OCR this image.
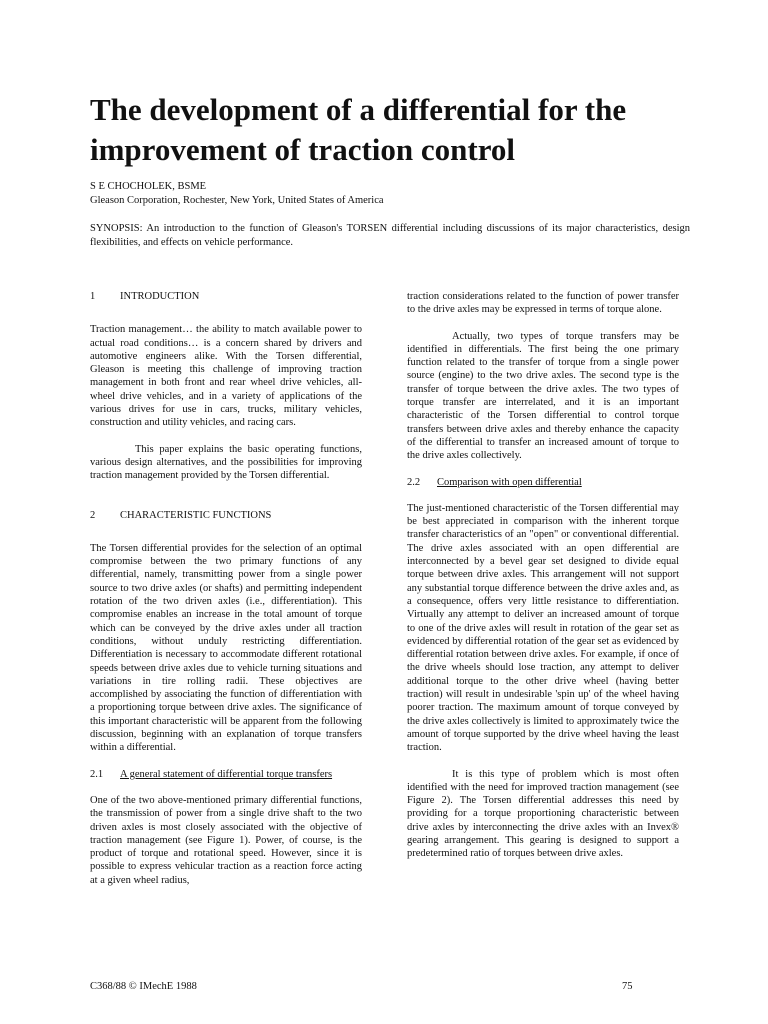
The development of a differential for the improvement of traction control
S E CHOCHOLEK, BSME
Gleason Corporation, Rochester, New York, United States of America
SYNOPSIS: An introduction to the function of Gleason's TORSEN differential including discussions of its major characteristics, design flexibilities, and effects on vehicle performance.
1	INTRODUCTION

Traction management… the ability to match available power to actual road conditions… is a concern shared by drivers and automotive engineers alike. With the Torsen differential, Gleason is meeting this challenge of improving traction management in both front and rear wheel drive vehicles, all-wheel drive vehicles, and in a variety of applications of the various drives for use in cars, trucks, military vehicles, construction and utility vehicles, and racing cars.

This paper explains the basic operating functions, various design alternatives, and the possibilities for improving traction management provided by the Torsen differential.

2	CHARACTERISTIC FUNCTIONS

The Torsen differential provides for the selection of an optimal compromise between the two primary functions of any differential, namely, transmitting power from a single power source to two drive axles (or shafts) and permitting independent rotation of the two driven axles (i.e., differentiation). This compromise enables an increase in the total amount of torque which can be conveyed by the drive axles under all traction conditions, without unduly restricting differentiation. Differentiation is necessary to accommodate different rotational speeds between drive axles due to vehicle turning situations and variations in tire rolling radii. These objectives are accomplished by associating the function of differentiation with a proportioning torque between drive axles. The significance of this important characteristic will be apparent from the following discussion, beginning with an explanation of torque transfers within a differential.

2.1	A general statement of differential torque transfers

One of the two above-mentioned primary differential functions, the transmission of power from a single drive shaft to the two driven axles is most closely associated with the objective of traction management (see Figure 1). Power, of course, is the product of torque and rotational speed. However, since it is possible to express vehicular traction as a reaction force acting at a given wheel radius,

traction considerations related to the function of power transfer to the drive axles may be expressed in terms of torque alone.

Actually, two types of torque transfers may be identified in differentials. The first being the one primary function related to the transfer of torque from a single power source (engine) to the two drive axles. The second type is the transfer of torque between the drive axles. The two types of torque transfer are interrelated, and it is an important characteristic of the Torsen differential to control torque transfers between drive axles and thereby enhance the capacity of the differential to transfer an increased amount of torque to the drive axles collectively.

2.2	Comparison with open differential

The just-mentioned characteristic of the Torsen differential may be best appreciated in comparison with the inherent torque transfer characteristics of an "open" or conventional differential. The drive axles associated with an open differential are interconnected by a bevel gear set designed to divide equal torque between drive axles. This arrangement will not support any substantial torque difference between the drive axles and, as a consequence, offers very little resistance to differentiation. Virtually any attempt to deliver an increased amount of torque to one of the drive axles will result in rotation of the gear set as evidenced by differential rotation of the gear set as evidenced by differential rotation between drive axles. For example, if once of the drive wheels should lose traction, any attempt to deliver additional torque to the other drive wheel (having better traction) will result in undesirable 'spin up' of the wheel having poorer traction. The maximum amount of torque conveyed by the drive axles collectively is limited to approximately twice the amount of torque supported by the drive wheel having the least traction.

It is this type of problem which is most often identified with the need for improved traction management (see Figure 2). The Torsen differential addresses this need by providing for a torque proportioning characteristic between drive axles by interconnecting the drive axles with an Invex® gearing arrangement. This gearing is designed to support a predetermined ratio of torques between drive axles.

C368/88 © IMechE 1988	75
